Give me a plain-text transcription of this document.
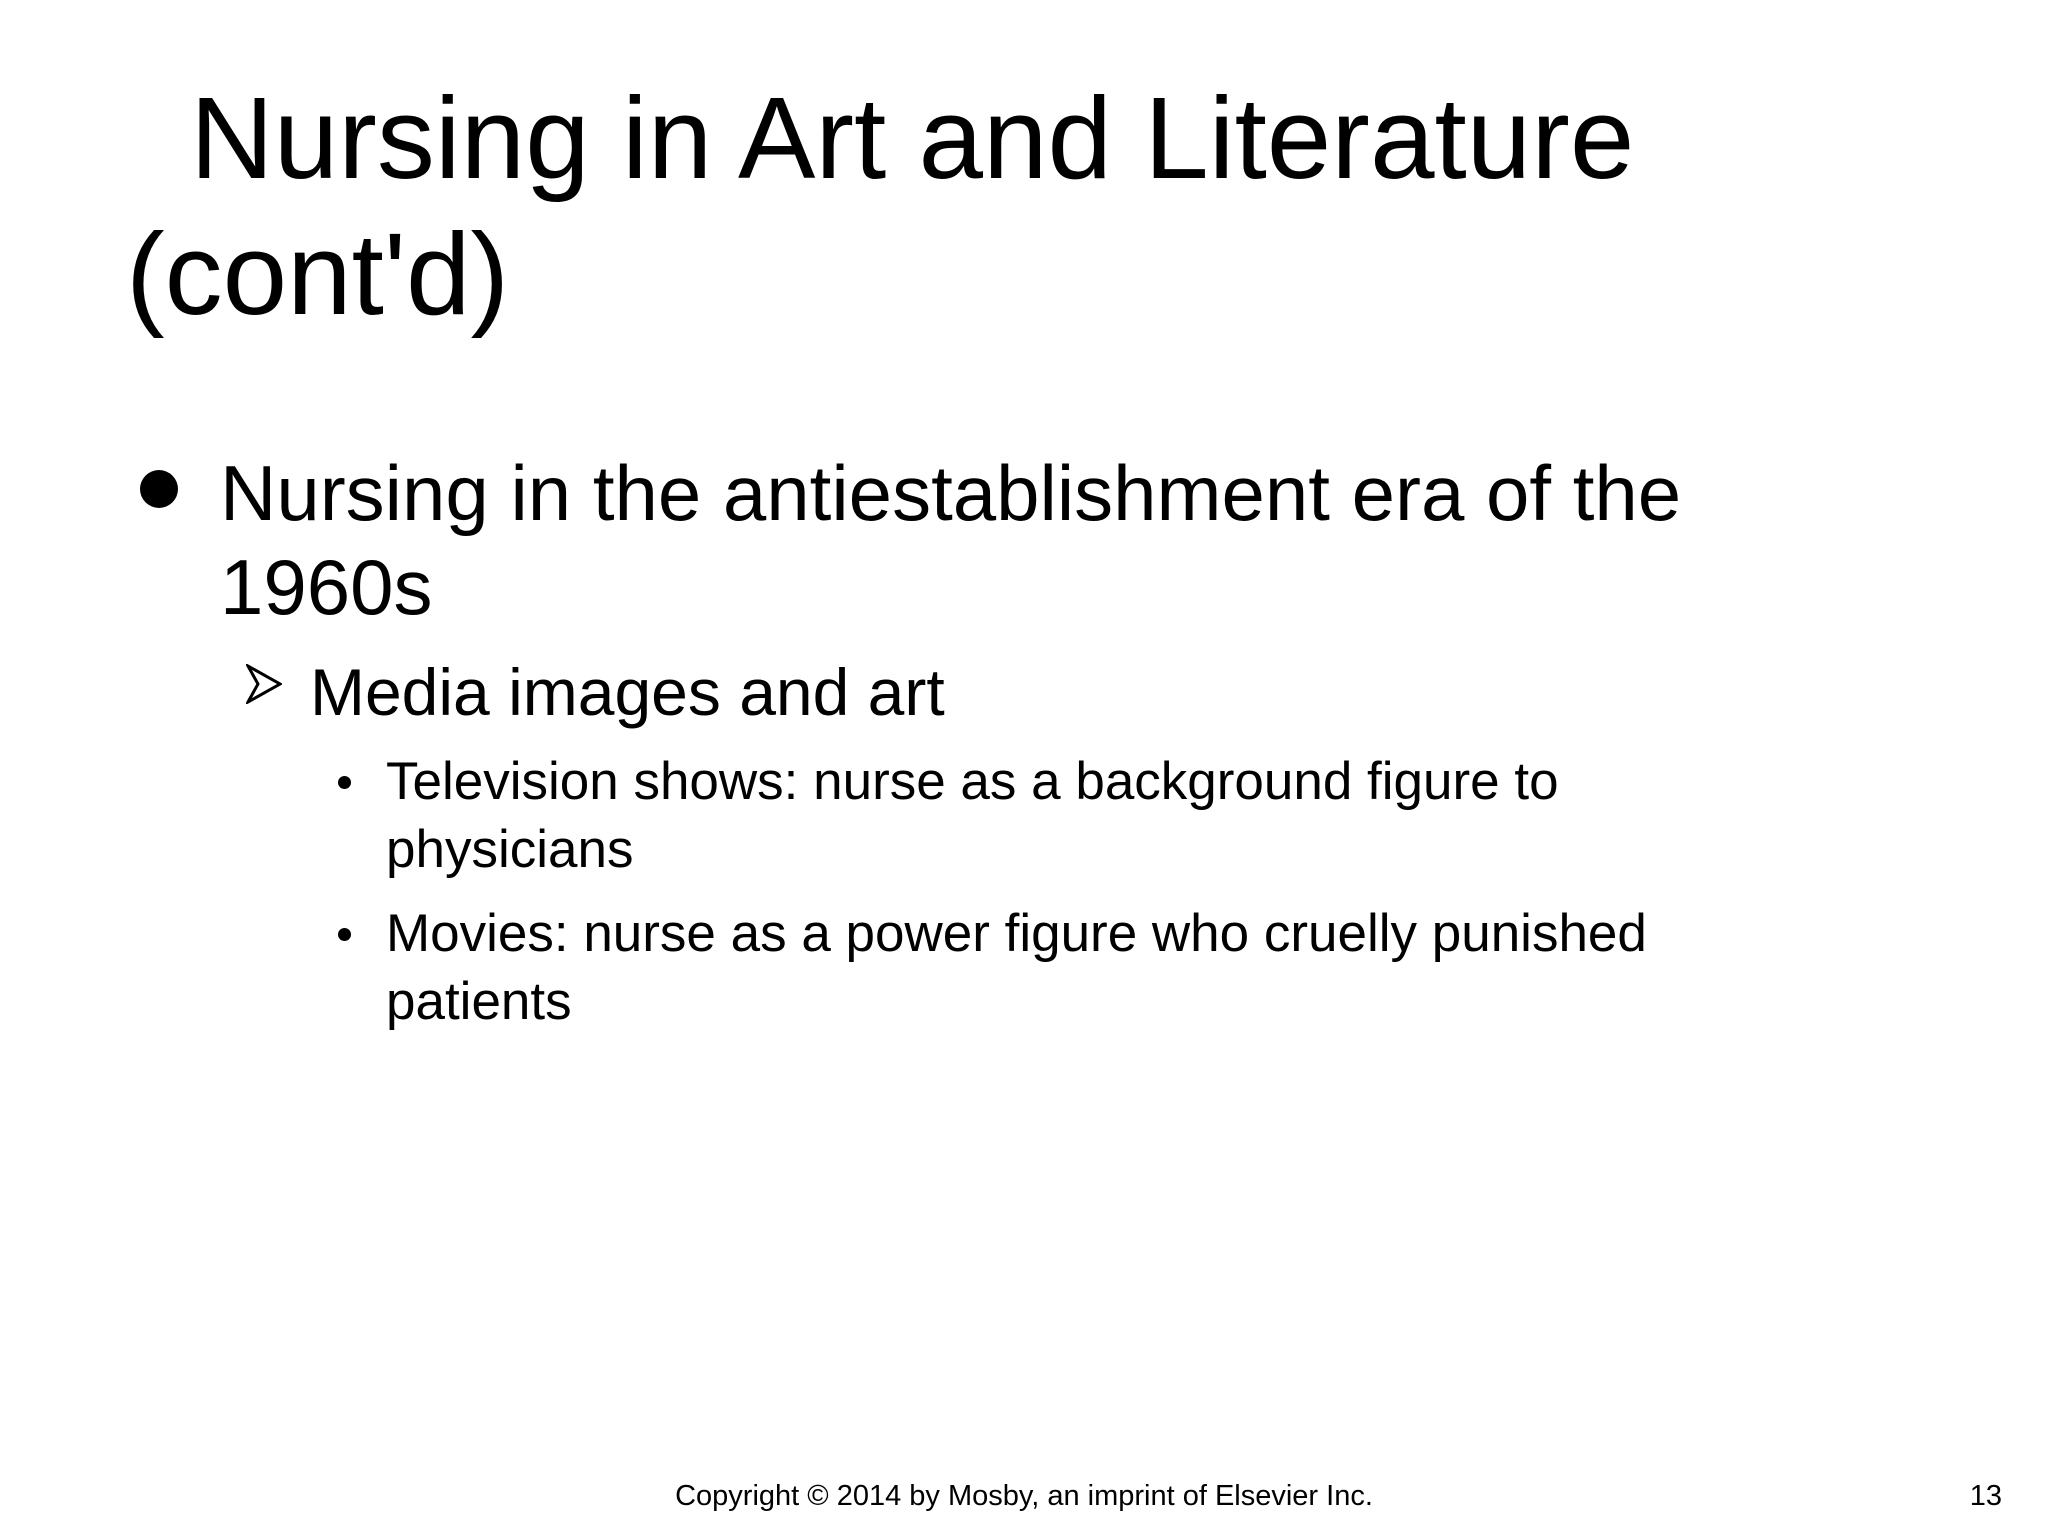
Nursing in Art and Literature
(cont'd)
Nursing in the antiestablishment era of the 1960s
Media images and art
Television shows: nurse as a background figure to physicians
Movies: nurse as a power figure who cruelly punished patients
Copyright © 2014 by Mosby, an imprint of Elsevier Inc.	13
